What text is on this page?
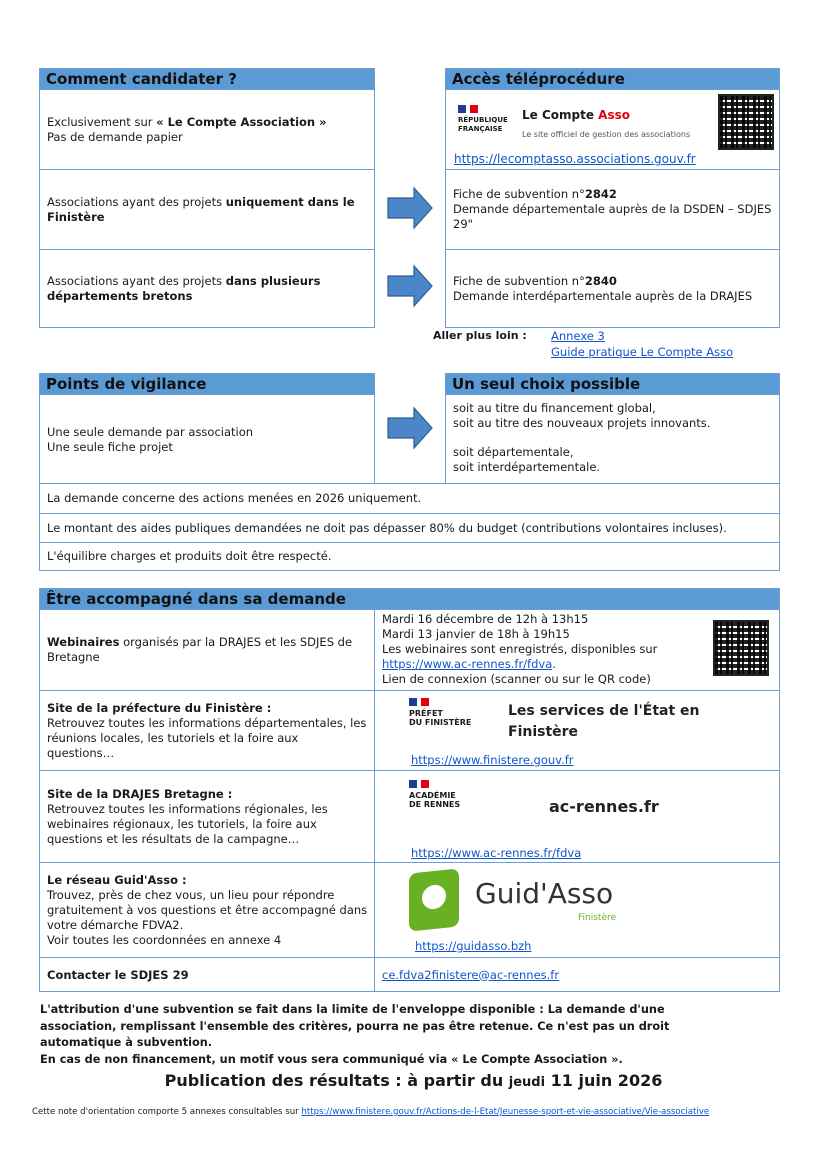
Comment candidater ?
Exclusivement sur « Le Compte Association »
Pas de demande papier
Associations ayant des projets uniquement dans le Finistère
Associations ayant des projets dans plusieurs départements bretons
Accès téléprocédure
RÉPUBLIQUE FRANÇAISE
Le Compte Asso
Le site officiel de gestion des associations
https://lecomptasso.associations.gouv.fr
Fiche de subvention n°2842
Demande départementale auprès de la DSDEN – SDJES 29"
Fiche de subvention n°2840
Demande interdépartementale auprès de la DRAJES
Aller plus loin : Annexe 3
Guide pratique Le Compte Asso
Points de vigilance
Une seule demande par association
Une seule fiche projet
Un seul choix possible
soit au titre du financement global,
soit au titre des nouveaux projets innovants.
soit départementale,
soit interdépartementale.
La demande concerne des actions menées en 2026 uniquement.
Le montant des aides publiques demandées ne doit pas dépasser 80% du budget (contributions volontaires incluses).
L'équilibre charges et produits doit être respecté.
Être accompagné dans sa demande
Webinaires organisés par la DRAJES et les SDJES de Bretagne
Mardi 16 décembre de 12h à 13h15
Mardi 13 janvier de 18h à 19h15
Les webinaires sont enregistrés, disponibles sur
https://www.ac-rennes.fr/fdva.
Lien de connexion (scanner ou sur le QR code)
Site de la préfecture du Finistère :
Retrouvez toutes les informations départementales, les réunions locales, les tutoriels et la foire aux questions…
PRÉFET
DU FINISTÈRE
Les services de l'État en Finistère
https://www.finistere.gouv.fr
Site de la DRAJES Bretagne :
Retrouvez toutes les informations régionales, les webinaires régionaux, les tutoriels, la foire aux questions et les résultats de la campagne…
ACADÉMIE
DE RENNES	ac-rennes.fr
https://www.ac-rennes.fr/fdva
Le réseau Guid'Asso :
Trouvez, près de chez vous, un lieu pour répondre gratuitement à vos questions et être accompagné dans votre démarche FDVA2.
Voir toutes les coordonnées en annexe 4
Guid'Asso
Finistère
https://guidasso.bzh
Contacter le SDJES 29	ce.fdva2finistere@ac-rennes.fr
L'attribution d'une subvention se fait dans la limite de l'enveloppe disponible : La demande d'une association, remplissant l'ensemble des critères, pourra ne pas être retenue. Ce n'est pas un droit automatique à subvention.
En cas de non financement, un motif vous sera communiqué via « Le Compte Association ».
Publication des résultats : à partir du jeudi 11 juin 2026
Cette note d'orientation comporte 5 annexes consultables sur https://www.finistere.gouv.fr/Actions-de-l-Etat/Jeunesse-sport-et-vie-associative/Vie-associative
